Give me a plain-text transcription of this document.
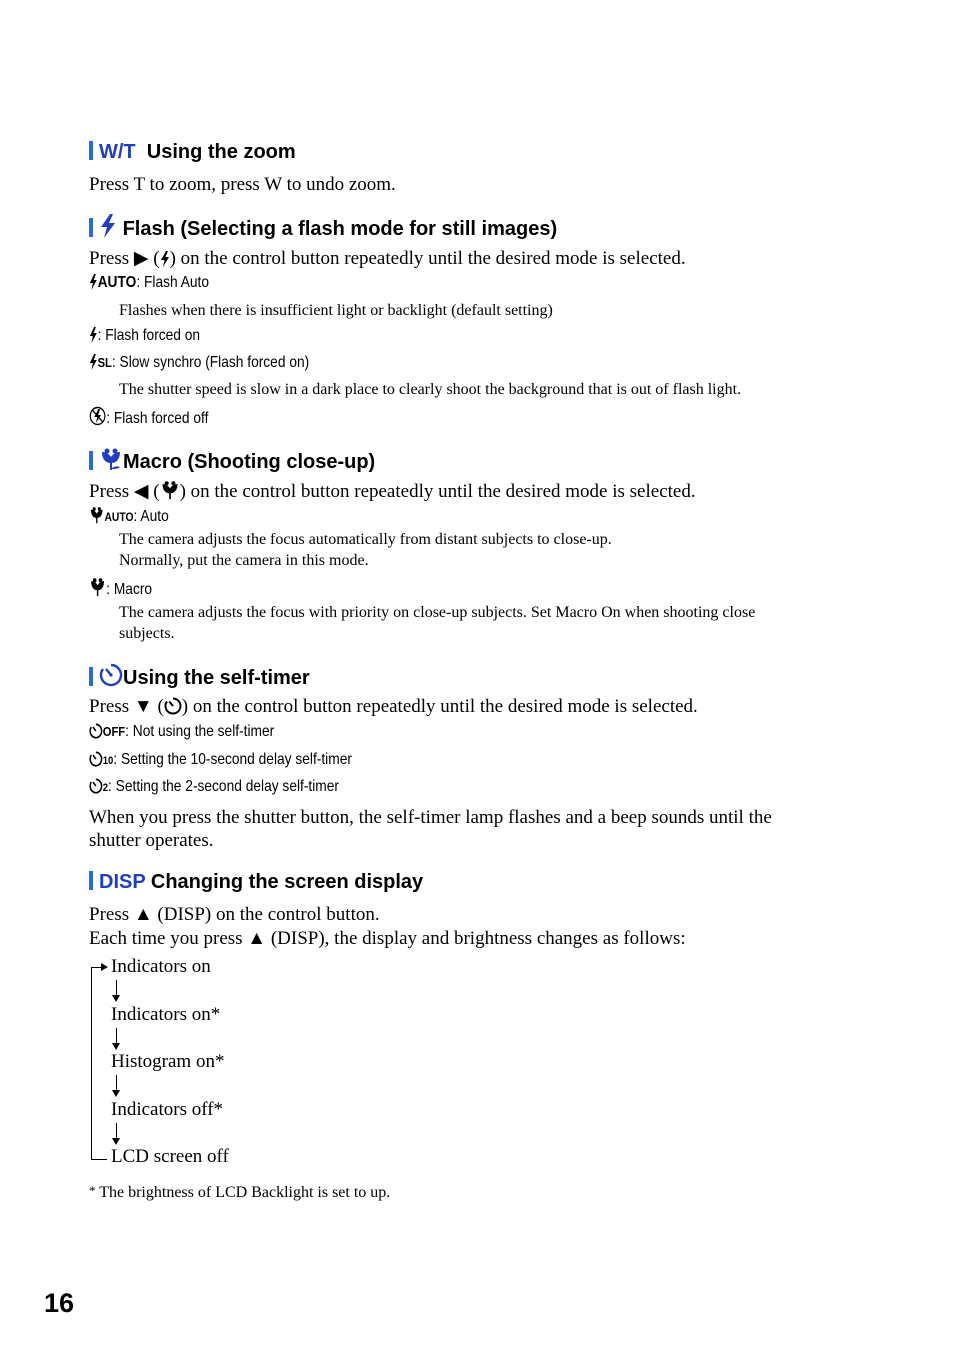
W/T Using the zoom
Press T to zoom, press W to undo zoom.
Flash (Selecting a flash mode for still images)
Press ▶ ( ) on the control button repeatedly until the desired mode is selected.
AUTO: Flash Auto
Flashes when there is insufficient light or backlight (default setting)
: Flash forced on
SL: Slow synchro (Flash forced on)
The shutter speed is slow in a dark place to clearly shoot the background that is out of flash light.
: Flash forced off
Macro (Shooting close-up)
Press ◀ ( ) on the control button repeatedly until the desired mode is selected.
AUTO: Auto
The camera adjusts the focus automatically from distant subjects to close-up.
Normally, put the camera in this mode.
: Macro
The camera adjusts the focus with priority on close-up subjects. Set Macro On when shooting close
subjects.
Using the self-timer
Press ▼ ( ) on the control button repeatedly until the desired mode is selected.
OFF: Not using the self-timer
10: Setting the 10-second delay self-timer
2: Setting the 2-second delay self-timer
When you press the shutter button, the self-timer lamp flashes and a beep sounds until the
shutter operates.
DISP Changing the screen display
Press ▲ (DISP) on the control button.
Each time you press ▲ (DISP), the display and brightness changes as follows:
Indicators on
Indicators on*
Histogram on*
Indicators off*
LCD screen off
* The brightness of LCD Backlight is set to up.
16
